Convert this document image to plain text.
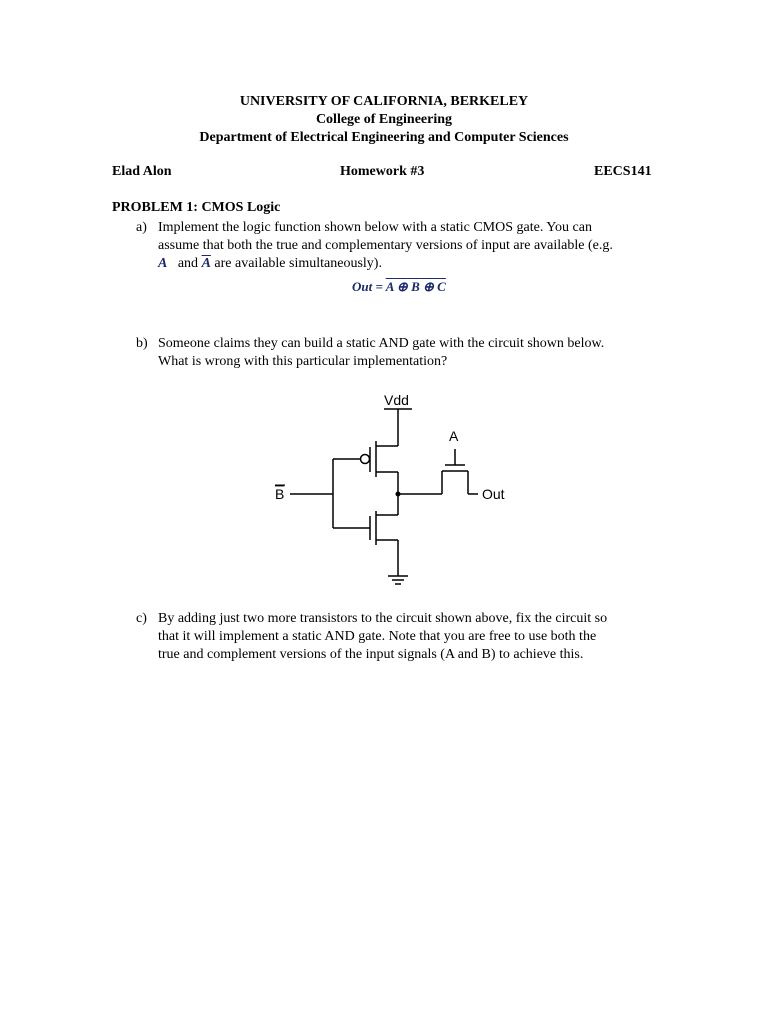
UNIVERSITY OF CALIFORNIA, BERKELEY
College of Engineering
Department of Electrical Engineering and Computer Sciences
Elad Alon	Homework #3	EECS141
PROBLEM 1: CMOS Logic
a) Implement the logic function shown below with a static CMOS gate. You can
assume that both the true and complementary versions of input are available (e.g.
A and $\overline{A}$ are available simultaneously).
Out = A ⊕ B ⊕ C
b) Someone claims they can build a static AND gate with the circuit shown below.
What is wrong with this particular implementation?
Vdd
A
B	Out
c) By adding just two more transistors to the circuit shown above, fix the circuit so
that it will implement a static AND gate. Note that you are free to use both the
true and complement versions of the input signals (A and B) to achieve this.
